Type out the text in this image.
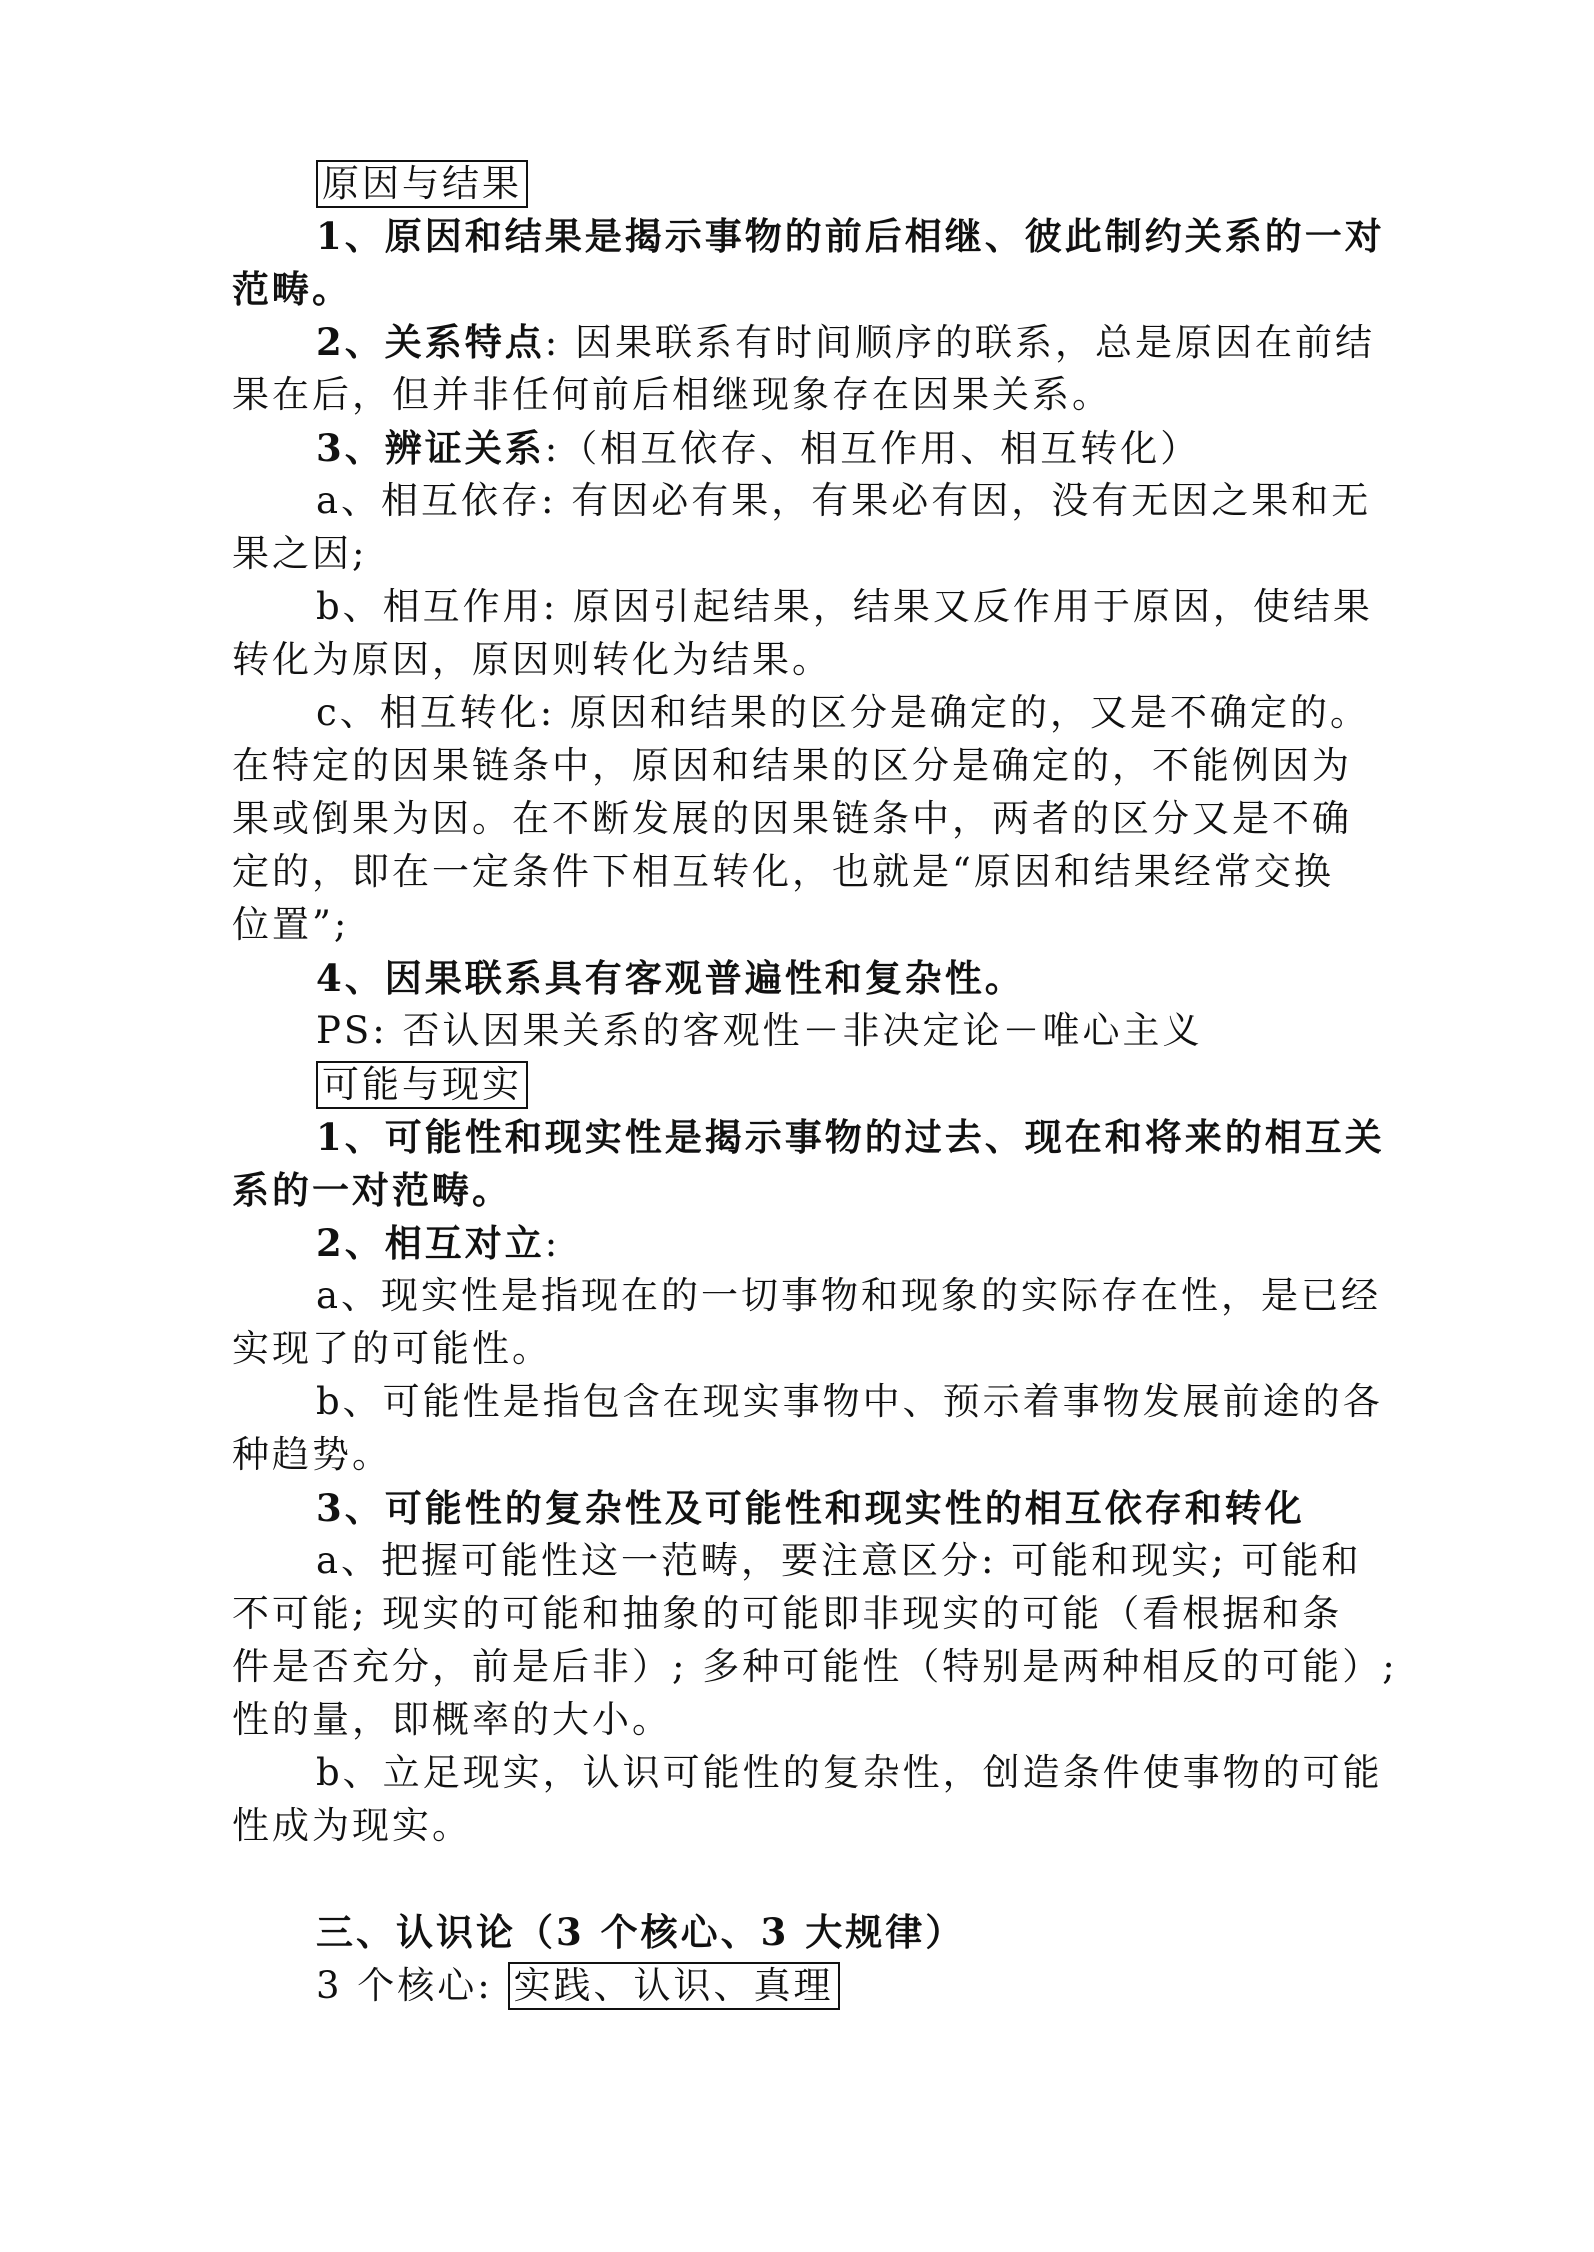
原因与结果
1、原因和结果是揭示事物的前后相继、彼此制约关系的一对
范畴。
2、关系特点: 因果联系有时间顺序的联系，总是原因在前结
果在后，但并非任何前后相继现象存在因果关系。
3、辨证关系:（相互依存、相互作用、相互转化）
a、相互依存: 有因必有果，有果必有因，没有无因之果和无
果之因;
b、相互作用: 原因引起结果，结果又反作用于原因，使结果
转化为原因，原因则转化为结果。
c、相互转化: 原因和结果的区分是确定的，又是不确定的。
在特定的因果链条中，原因和结果的区分是确定的，不能例因为
果或倒果为因。在不断发展的因果链条中，两者的区分又是不确
定的，即在一定条件下相互转化，也就是“原因和结果经常交换
位置”;
4、因果联系具有客观普遍性和复杂性。
PS: 否认因果关系的客观性－非决定论－唯心主义
可能与现实
1、可能性和现实性是揭示事物的过去、现在和将来的相互关
系的一对范畴。
2、相互对立:
a、现实性是指现在的一切事物和现象的实际存在性，是已经
实现了的可能性。
b、可能性是指包含在现实事物中、预示着事物发展前途的各
种趋势。
3、可能性的复杂性及可能性和现实性的相互依存和转化
a、把握可能性这一范畴，要注意区分: 可能和现实; 可能和
不可能; 现实的可能和抽象的可能即非现实的可能（看根据和条
件是否充分，前是后非）; 多种可能性（特别是两种相反的可能）;
性的量，即概率的大小。
b、立足现实，认识可能性的复杂性，创造条件使事物的可能
性成为现实。
三、认识论（3 个核心、3 大规律）
3 个核心: 实践、认识、真理
